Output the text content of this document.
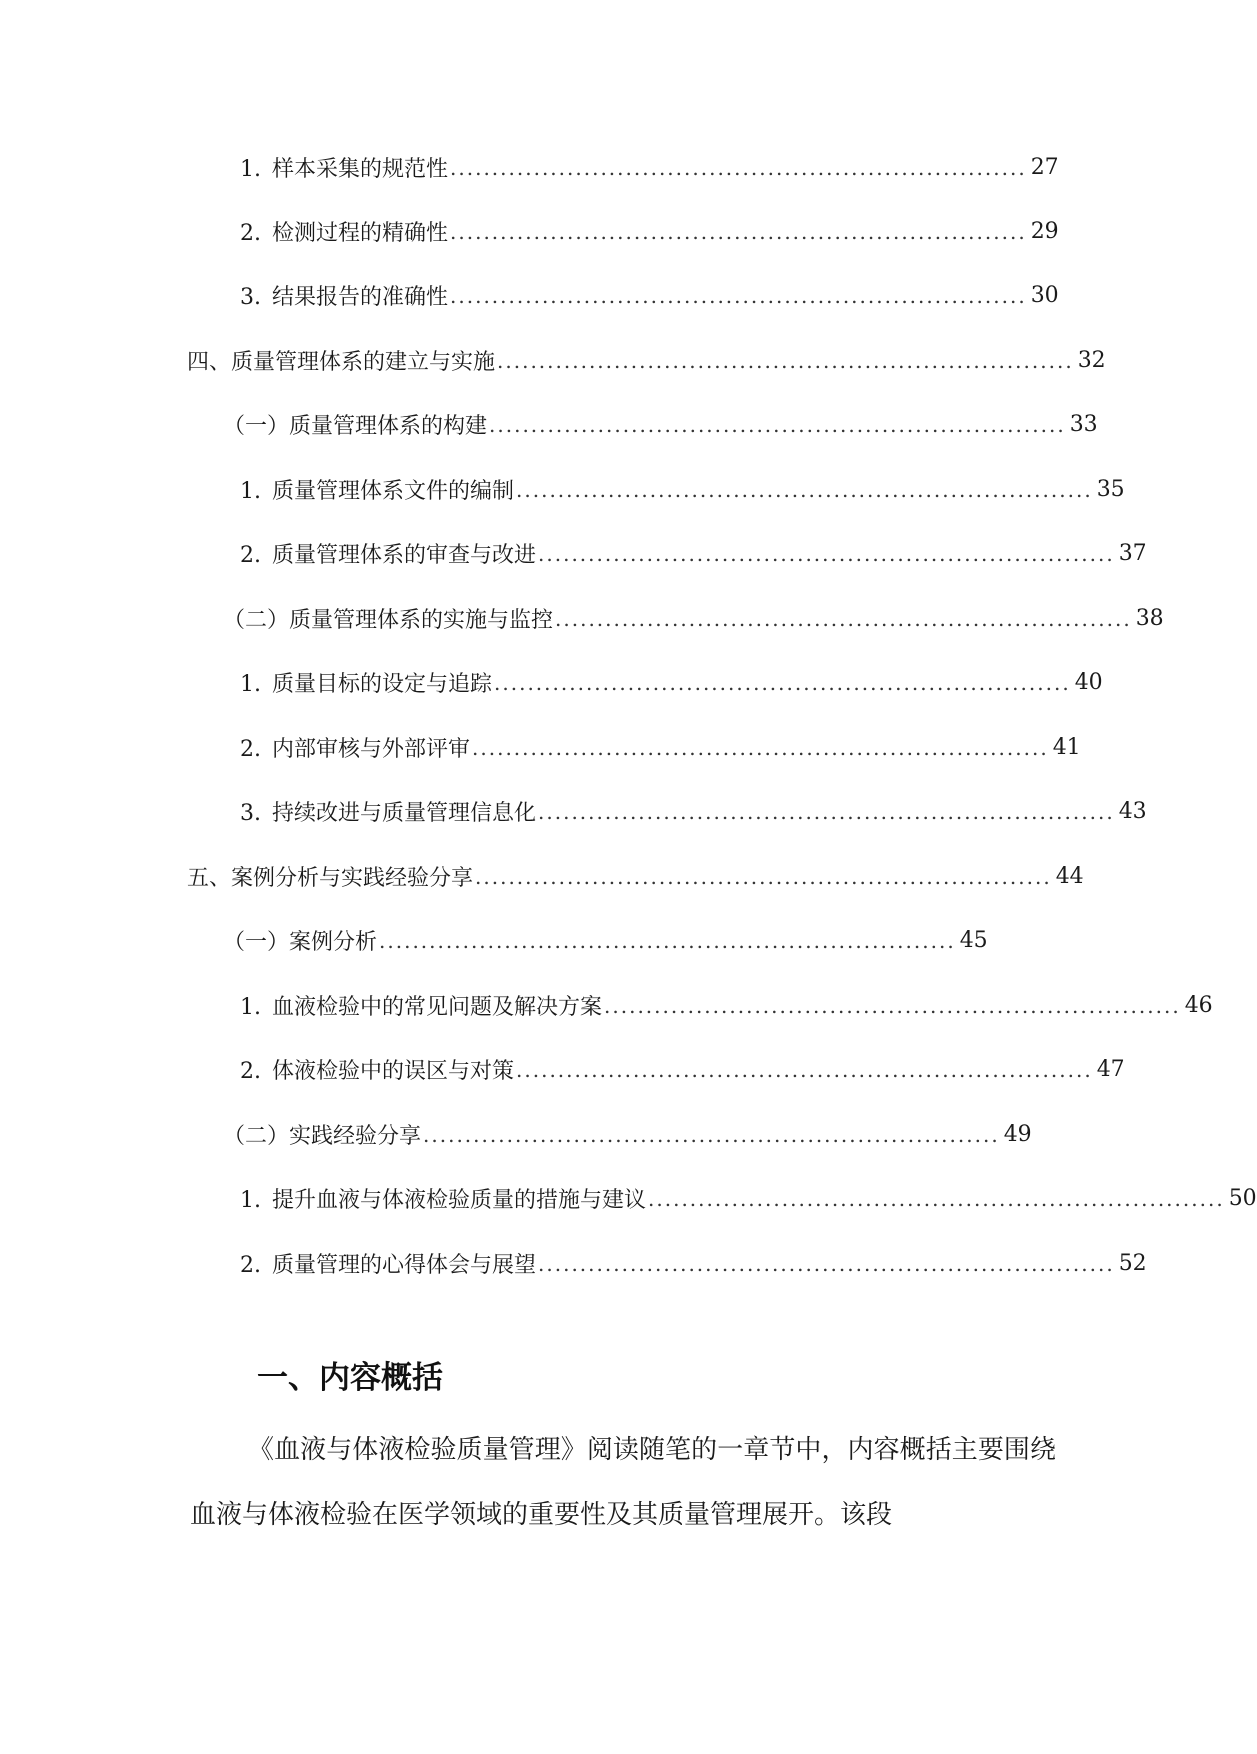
1. 样本采集的规范性 ..................................................................... 27
2. 检测过程的精确性 ..................................................................... 29
3. 结果报告的准确性 ..................................................................... 30
四、质量管理体系的建立与实施 ..................................................................... 32
（一）质量管理体系的构建 ..................................................................... 33
1. 质量管理体系文件的编制 ..................................................................... 35
2. 质量管理体系的审查与改进 ..................................................................... 37
（二）质量管理体系的实施与监控 ..................................................................... 38
1. 质量目标的设定与追踪 ..................................................................... 40
2. 内部审核与外部评审 ..................................................................... 41
3. 持续改进与质量管理信息化 ..................................................................... 43
五、案例分析与实践经验分享 ..................................................................... 44
（一）案例分析 ..................................................................... 45
1. 血液检验中的常见问题及解决方案 ..................................................................... 46
2. 体液检验中的误区与对策 ..................................................................... 47
（二）实践经验分享 ..................................................................... 49
1. 提升血液与体液检验质量的措施与建议 ..................................................................... 50
2. 质量管理的心得体会与展望 ..................................................................... 52
一、内容概括

《血液与体液检验质量管理》阅读随笔的一章节中，内容概括主要围绕血液与体液检验在医学领域的重要性及其质量管理展开。该段
